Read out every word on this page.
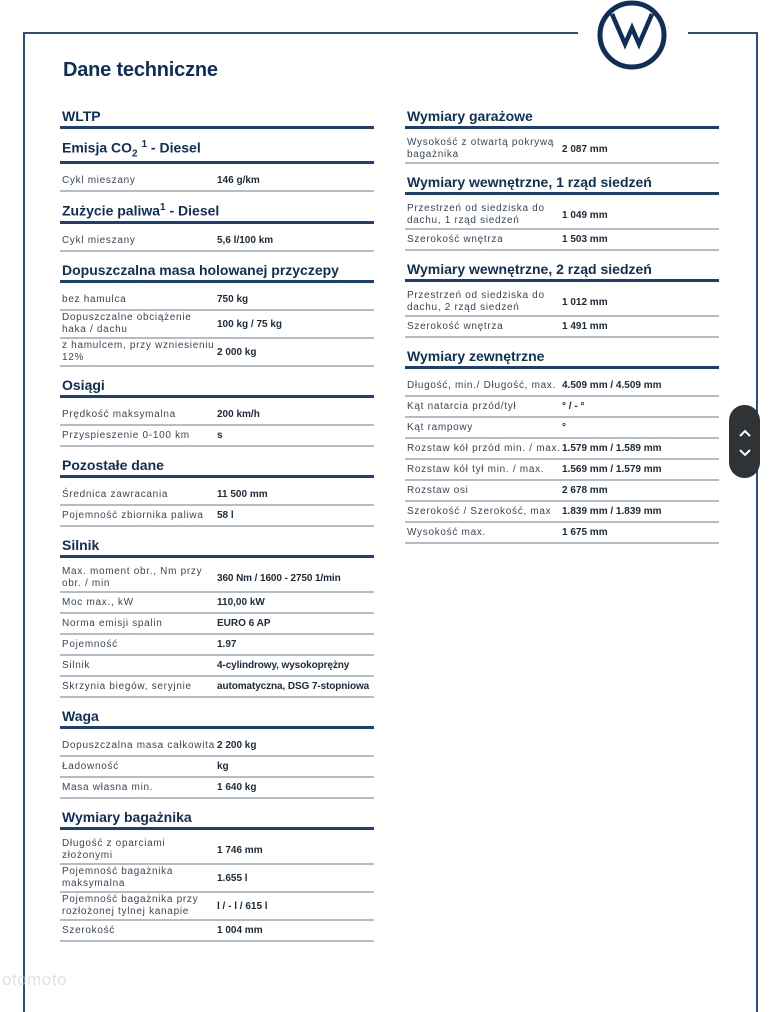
Dane techniczne
WLTP
Emisja $CO_2$ $^1$ - Diesel
Cykl mieszany	146 g/km
Zużycie paliwa$^1$ - Diesel
Cykl mieszany	5,6 l/100 km
Dopuszczalna masa holowanej przyczepy
bez hamulca	750 kg
Dopuszczalne obciążenie haka / dachu	100 kg / 75 kg
z hamulcem, przy wzniesieniu 12%	2 000 kg
Osiągi
Prędkość maksymalna	200 km/h
Przyspieszenie 0-100 km	s
Pozostałe dane
Średnica zawracania	11 500 mm
Pojemność zbiornika paliwa	58 l
Silnik
Max. moment obr., Nm przy obr. / min	360 Nm / 1600 - 2750 1/min
Moc max., kW	110,00 kW
Norma emisji spalin	EURO 6 AP
Pojemność	1.97
Silnik	4-cylindrowy, wysokoprężny
Skrzynia biegów, seryjnie	automatyczna, DSG 7-stopniowa
Waga
Dopuszczalna masa całkowita 2 200 kg
Ładowność	kg
Masa własna min.	1 640 kg
Wymiary bagażnika
Długość z oparciami złożonymi	1 746 mm
Pojemność bagażnika maksymalna	1.655 l
Pojemność bagażnika przy rozłożonej tylnej kanapie	l / - l / 615 l
Szerokość	1 004 mm
Wymiary garażowe
Wysokość z otwartą pokrywą bagażnika	2 087 mm
Wymiary wewnętrzne, 1 rząd siedzeń
Przestrzeń od siedziska do dachu, 1 rząd siedzeń	1 049 mm
Szerokość wnętrza	1 503 mm
Wymiary wewnętrzne, 2 rząd siedzeń
Przestrzeń od siedziska do dachu, 2 rząd siedzeń	1 012 mm
Szerokość wnętrza	1 491 mm
Wymiary zewnętrzne
Długość, min./ Długość, max. 4.509 mm / 4.509 mm
Kąt natarcia przód/tył	° / - °
Kąt rampowy	°
Rozstaw kół przód min. / max. 1.579 mm / 1.589 mm
Rozstaw kół tył min. / max.	1.569 mm / 1.579 mm
Rozstaw osi	2 678 mm
Szerokość / Szerokość, max	1.839 mm / 1.839 mm
Wysokość max.	1 675 mm
otomoto
